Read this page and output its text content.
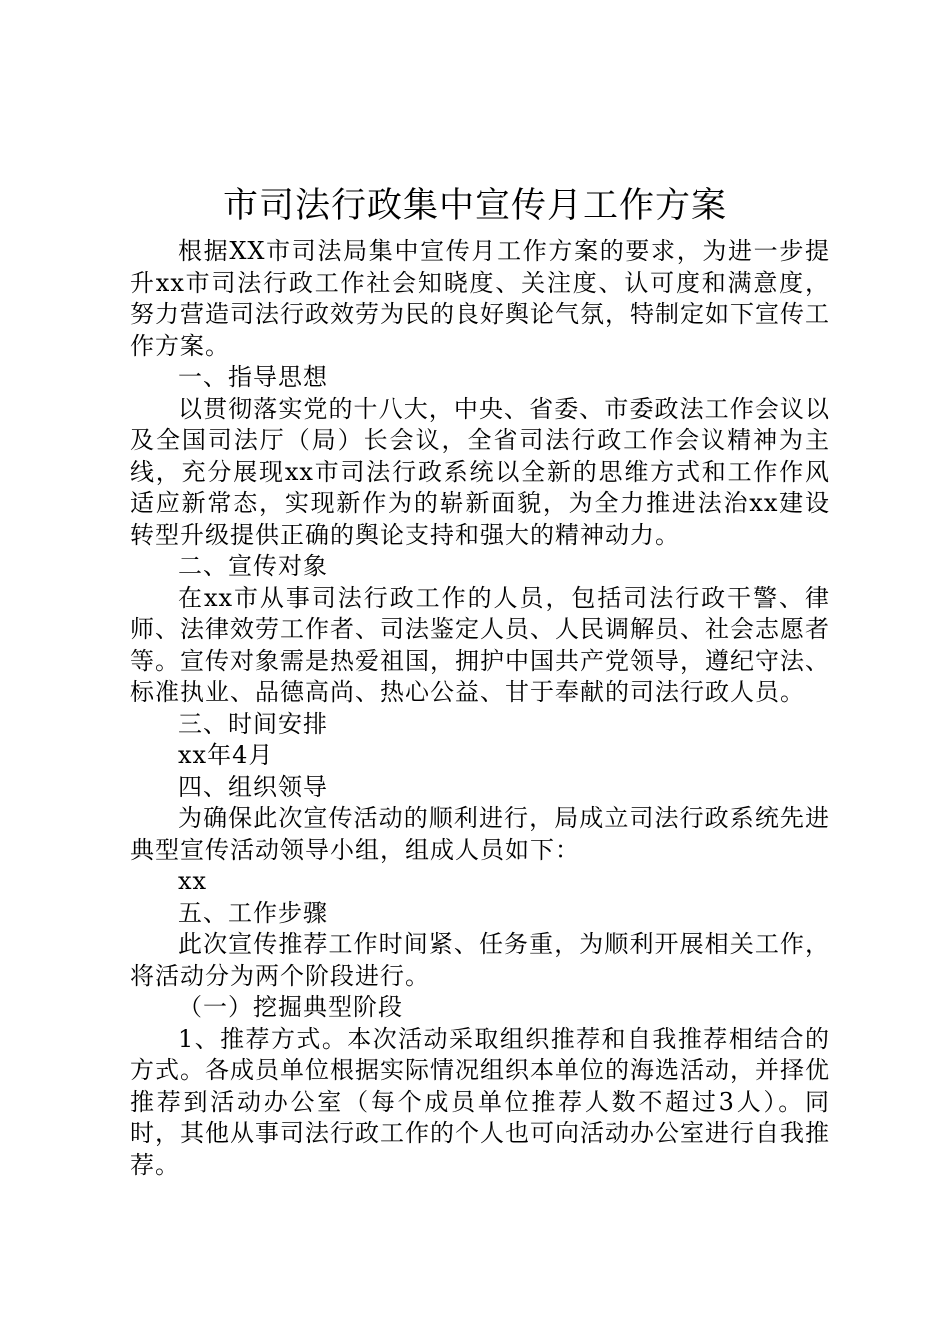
市司法行政集中宣传月工作方案

根据XX市司法局集中宣传月工作方案的要求，为进一步提升xx市司法行政工作社会知晓度、关注度、认可度和满意度，努力营造司法行政效劳为民的良好舆论气氛，特制定如下宣传工作方案。

一、指导思想

以贯彻落实党的十八大，中央、省委、市委政法工作会议以及全国司法厅（局）长会议，全省司法行政工作会议精神为主线，充分展现xx市司法行政系统以全新的思维方式和工作作风适应新常态，实现新作为的崭新面貌，为全力推进法治xx建设转型升级提供正确的舆论支持和强大的精神动力。

二、宣传对象

在xx市从事司法行政工作的人员，包括司法行政干警、律师、法律效劳工作者、司法鉴定人员、人民调解员、社会志愿者等。宣传对象需是热爱祖国，拥护中国共产党领导，遵纪守法、标准执业、品德高尚、热心公益、甘于奉献的司法行政人员。

三、时间安排

xx年4月

四、组织领导

为确保此次宣传活动的顺利进行，局成立司法行政系统先进典型宣传活动领导小组，组成人员如下：

xx

五、工作步骤

此次宣传推荐工作时间紧、任务重，为顺利开展相关工作，将活动分为两个阶段进行。

（一）挖掘典型阶段

1、推荐方式。本次活动采取组织推荐和自我推荐相结合的方式。各成员单位根据实际情况组织本单位的海选活动，并择优推荐到活动办公室（每个成员单位推荐人数不超过3人）。同时，其他从事司法行政工作的个人也可向活动办公室进行自我推荐。
